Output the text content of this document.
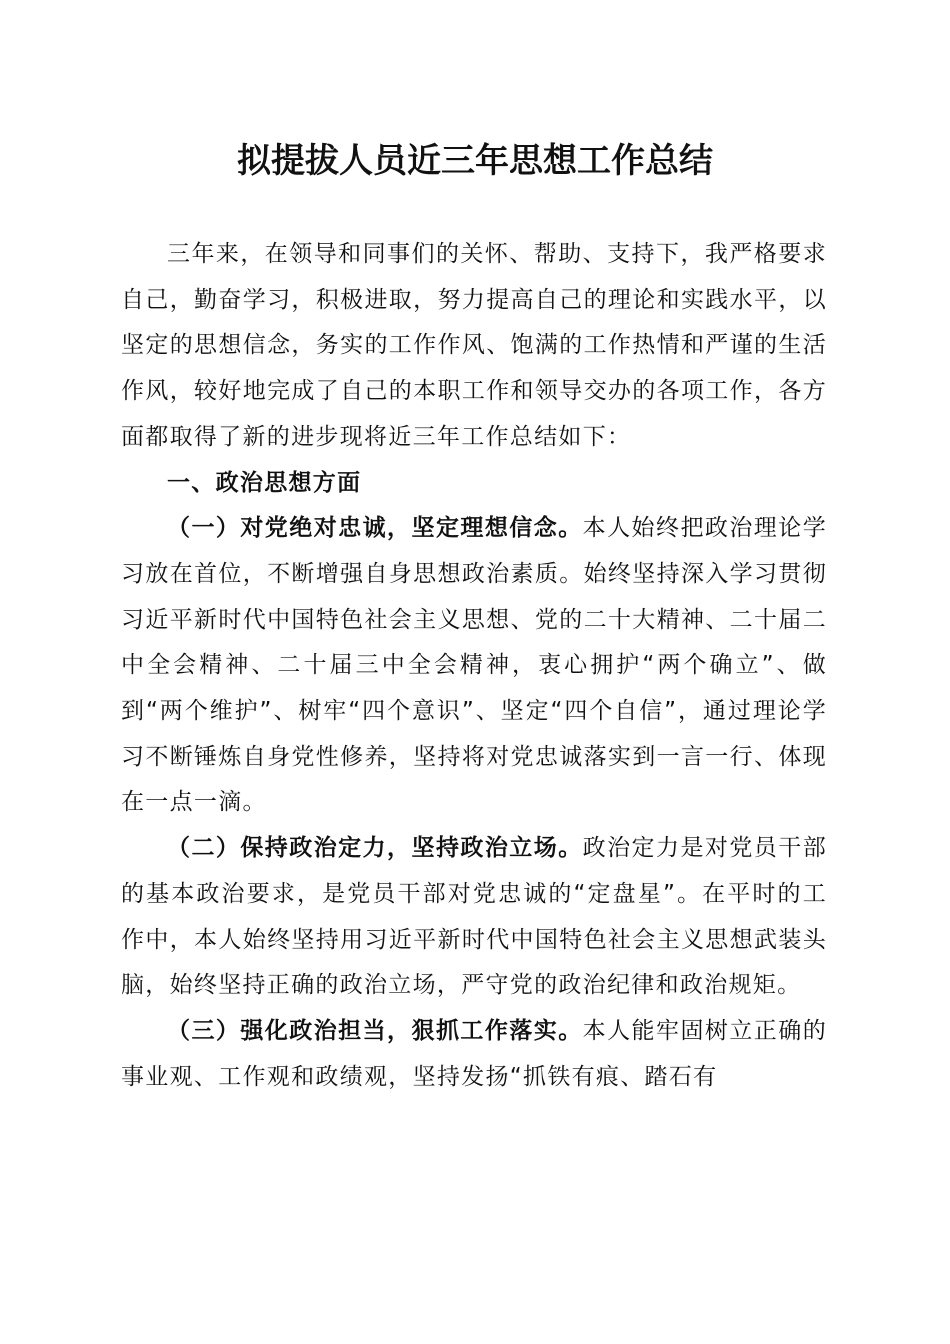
拟提拔人员近三年思想工作总结

三年来，在领导和同事们的关怀、帮助、支持下，我严格要求自己，勤奋学习，积极进取，努力提高自己的理论和实践水平，以坚定的思想信念，务实的工作作风、饱满的工作热情和严谨的生活作风，较好地完成了自己的本职工作和领导交办的各项工作，各方面都取得了新的进步现将近三年工作总结如下：

一、政治思想方面

（一）对党绝对忠诚，坚定理想信念。本人始终把政治理论学习放在首位，不断增强自身思想政治素质。始终坚持深入学习贯彻习近平新时代中国特色社会主义思想、党的二十大精神、二十届二中全会精神、二十届三中全会精神，衷心拥护“两个确立”、做到“两个维护”、树牢“四个意识”、坚定“四个自信”，通过理论学习不断锤炼自身党性修养，坚持将对党忠诚落实到一言一行、体现在一点一滴。

（二）保持政治定力，坚持政治立场。政治定力是对党员干部的基本政治要求，是党员干部对党忠诚的“定盘星”。在平时的工作中，本人始终坚持用习近平新时代中国特色社会主义思想武装头脑，始终坚持正确的政治立场，严守党的政治纪律和政治规矩。

（三）强化政治担当，狠抓工作落实。本人能牢固树立正确的事业观、工作观和政绩观，坚持发扬“抓铁有痕、踏石有
